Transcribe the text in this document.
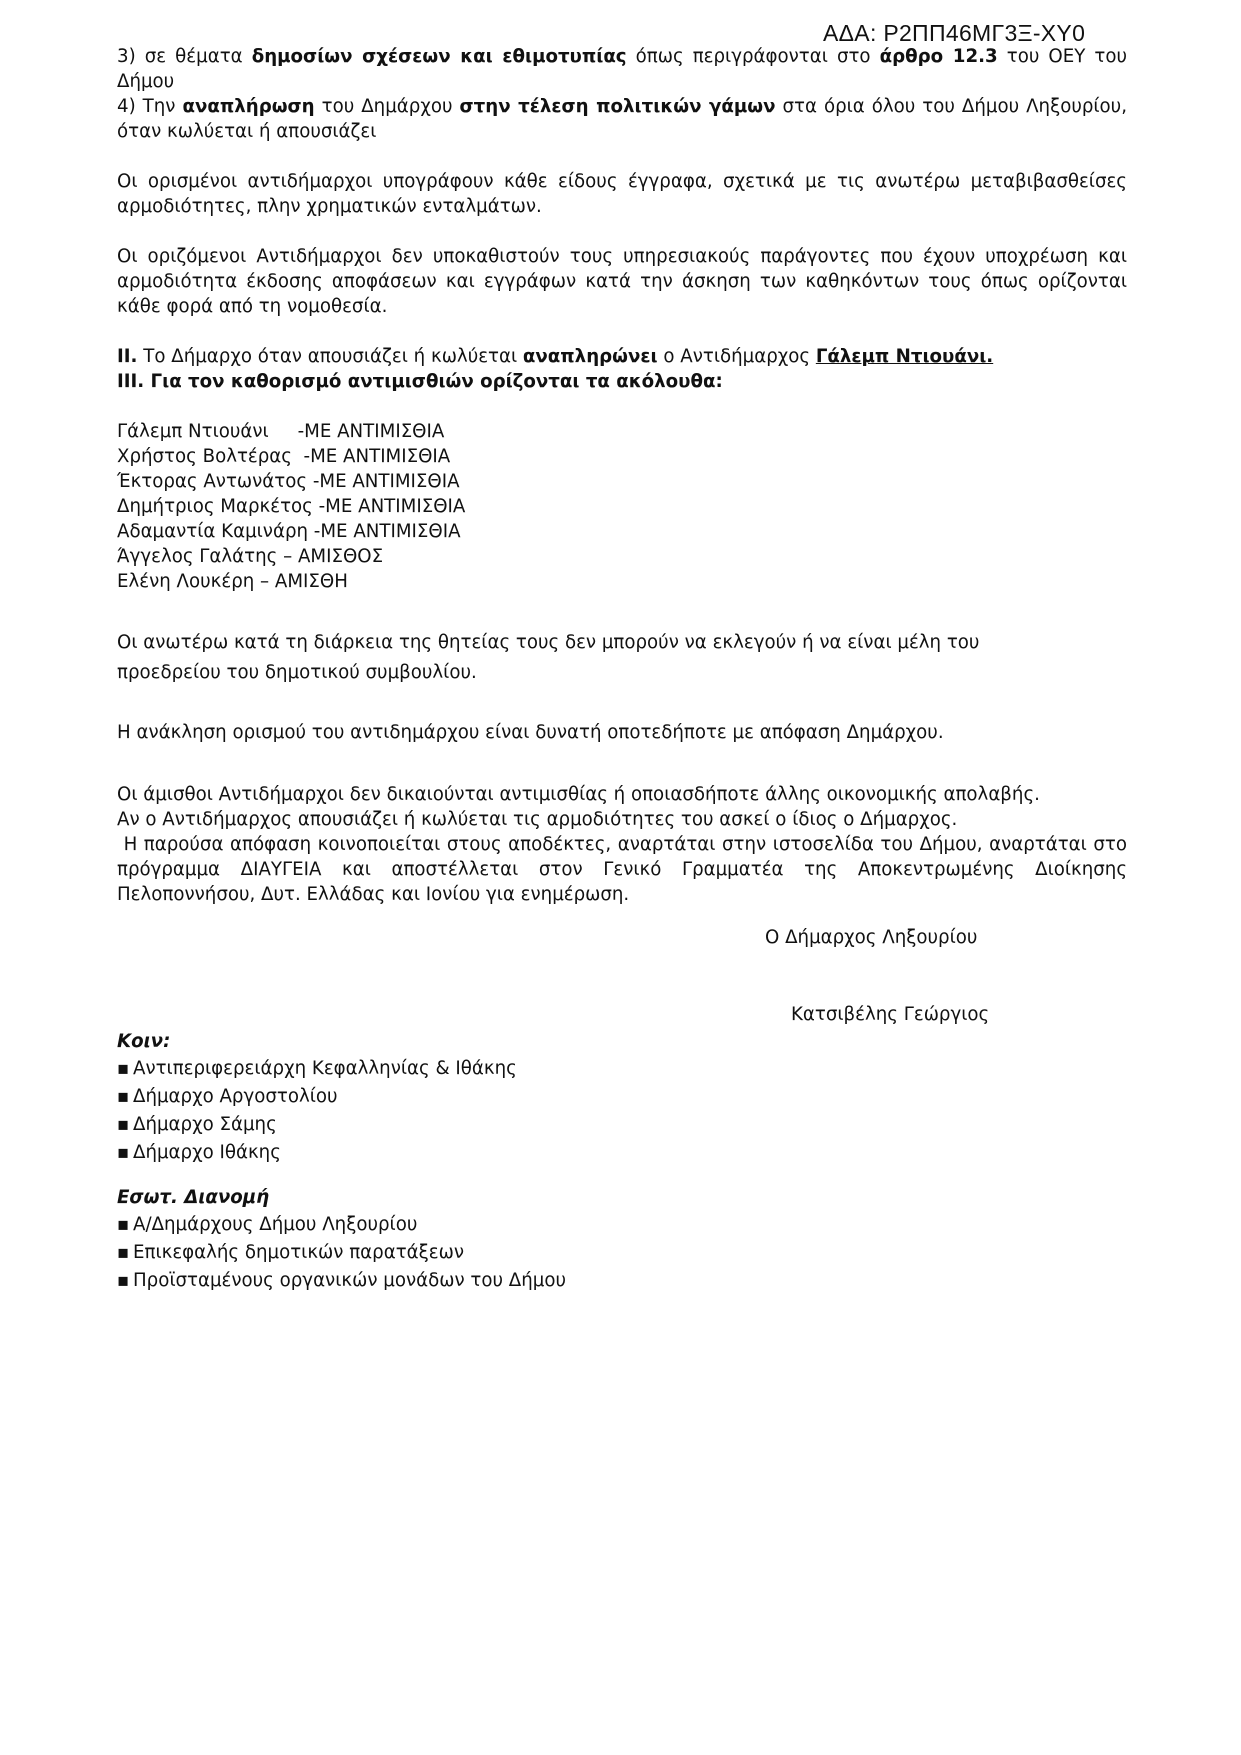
ΑΔΑ: Ρ2ΠΠ46ΜΓ3Ξ-ΧΥ0

3) σε θέματα δημοσίων σχέσεων και εθιμοτυπίας όπως περιγράφονται στο άρθρο 12.3 του ΟΕΥ του Δήμου

4) Την αναπλήρωση του Δημάρχου στην τέλεση πολιτικών γάμων στα όρια όλου του Δήμου Ληξουρίου, όταν κωλύεται ή απουσιάζει

Οι ορισμένοι αντιδήμαρχοι υπογράφουν κάθε είδους έγγραφα, σχετικά με τις ανωτέρω μεταβιβασθείσες αρμοδιότητες, πλην χρηματικών ενταλμάτων.

Οι οριζόμενοι Αντιδήμαρχοι δεν υποκαθιστούν τους υπηρεσιακούς παράγοντες που έχουν υποχρέωση και αρμοδιότητα έκδοσης αποφάσεων και εγγράφων κατά την άσκηση των καθηκόντων τους όπως ορίζονται κάθε φορά από τη νομοθεσία.

ΙΙ. Το Δήμαρχο όταν απουσιάζει ή κωλύεται αναπληρώνει ο Αντιδήμαρχος Γάλεμπ Ντιουάνι.

ΙΙΙ. Για τον καθορισμό αντιμισθιών ορίζονται τα ακόλουθα:

Γάλεμπ Ντιουάνι     -ΜΕ ΑΝΤΙΜΙΣΘΙΑ
Χρήστος Βολτέρας  -ΜΕ ΑΝΤΙΜΙΣΘΙΑ
Έκτορας Αντωνάτος -ΜΕ ΑΝΤΙΜΙΣΘΙΑ
Δημήτριος Μαρκέτος -ΜΕ ΑΝΤΙΜΙΣΘΙΑ
Αδαμαντία Καμινάρη -ΜΕ ΑΝΤΙΜΙΣΘΙΑ
Άγγελος Γαλάτης – ΑΜΙΣΘΟΣ
Ελένη Λουκέρη – ΑΜΙΣΘΗ

Οι ανωτέρω κατά τη διάρκεια της θητείας τους δεν μπορούν να εκλεγούν ή να είναι μέλη του

προεδρείου του δημοτικού συμβουλίου.

Η ανάκληση ορισμού του αντιδημάρχου είναι δυνατή οποτεδήποτε με απόφαση Δημάρχου.

Οι άμισθοι Αντιδήμαρχοι δεν δικαιούνται αντιμισθίας ή οποιασδήποτε άλλης οικονομικής απολαβής.

Αν ο Αντιδήμαρχος απουσιάζει ή κωλύεται τις αρμοδιότητες του ασκεί ο ίδιος ο Δήμαρχος.

Η παρούσα απόφαση κοινοποιείται στους αποδέκτες, αναρτάται στην ιστοσελίδα του Δήμου, αναρτάται στο πρόγραμμα ΔΙΑΥΓΕΙΑ και αποστέλλεται στον Γενικό Γραμματέα της Αποκεντρωμένης Διοίκησης Πελοποννήσου, Δυτ. Ελλάδας και Ιονίου για ενημέρωση.

Ο Δήμαρχος Ληξουρίου
Κατσιβέλης Γεώργιος
Κοιν:
▪ Αντιπεριφερειάρχη Κεφαλληνίας & Ιθάκης
▪ Δήμαρχο Αργοστολίου
▪ Δήμαρχο Σάμης
▪ Δήμαρχο Ιθάκης
Εσωτ. Διανομή
▪ Α/Δημάρχους Δήμου Ληξουρίου
▪ Επικεφαλής δημοτικών παρατάξεων
▪ Προϊσταμένους οργανικών μονάδων του Δήμου
